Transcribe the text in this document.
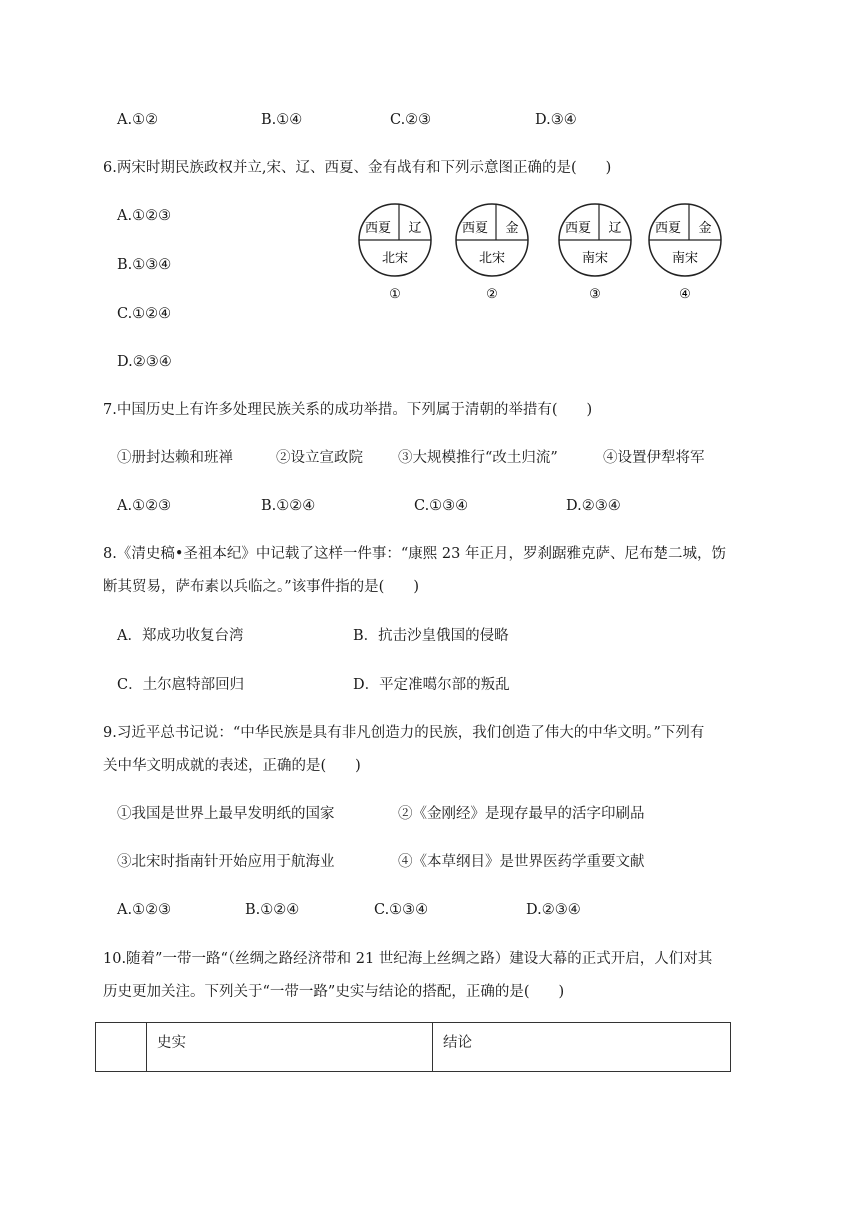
A.①②	B.①④	C.②③	D.③④
6.两宋时期民族政权并立,宋、辽、西夏、金有战有和下列示意图正确的是(　　)
A.①②③
B.①③④
C.①②④
D.②③④
西夏 辽
北宋
①
西夏 金
北宋
②
西夏 辽
南宋
③
西夏 金
南宋
④
7.中国历史上有许多处理民族关系的成功举措。下列属于清朝的举措有(　　)
①册封达赖和班禅	②设立宣政院 ③大规模推行“改土归流”	④设置伊犁将军
A.①②③	B.①②④	C.①③④	D.②③④
8.《清史稿•圣祖本纪》中记载了这样一件事：“康熙 23 年正月，罗刹踞雅克萨、尼布楚二城，饬
断其贸易，萨布素以兵临之。”该事件指的是(　　)
A．郑成功收复台湾	B．抗击沙皇俄国的侵略
C．土尔扈特部回归	D．平定准噶尔部的叛乱
9.习近平总书记说：“中华民族是具有非凡创造力的民族，我们创造了伟大的中华文明。”下列有
关中华文明成就的表述，正确的是(　　)
①我国是世界上最早发明纸的国家	②《金刚经》是现存最早的活字印刷品
③北宋时指南针开始应用于航海业	④《本草纲目》是世界医药学重要文献
A.①②③	B.①②④	C.①③④	D.②③④
10.随着”一带一路“（丝绸之路经济带和 21 世纪海上丝绸之路）建设大幕的正式开启，人们对其
历史更加关注。下列关于“一带一路”史实与结论的搭配，正确的是(　　)
	史实	结论
